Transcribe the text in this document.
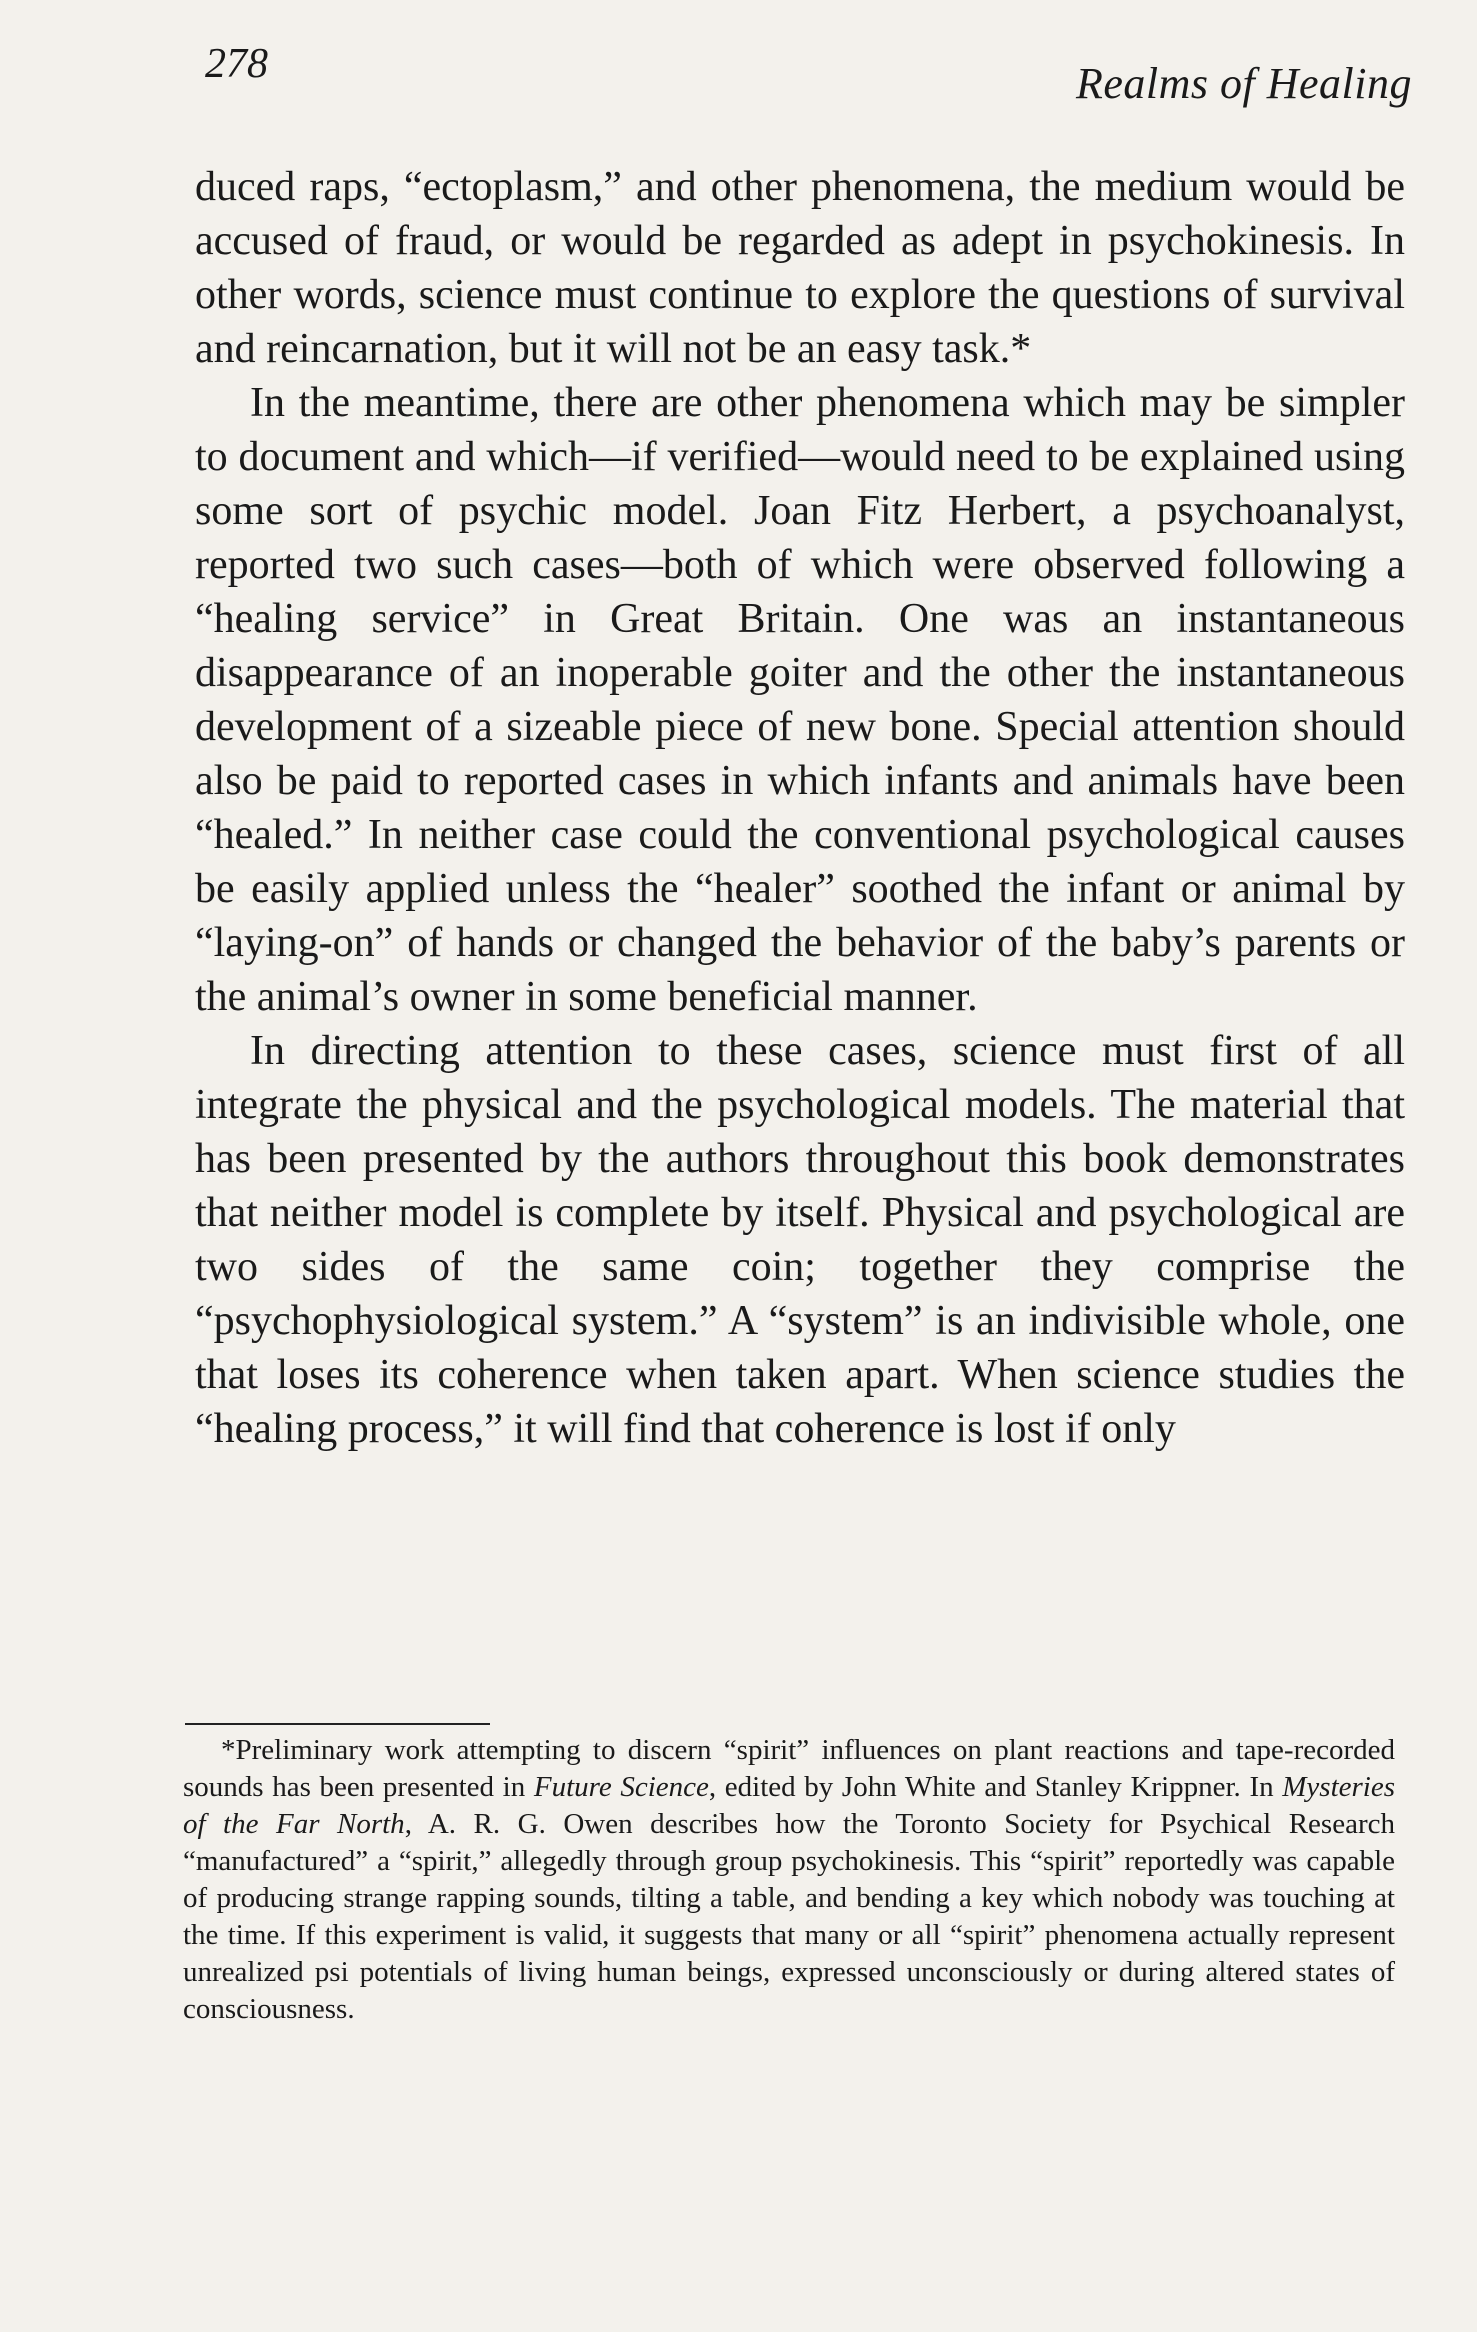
278	Realms of Healing

duced raps, “ectoplasm,” and other phenomena, the medium would be accused of fraud, or would be regarded as adept in psychokinesis. In other words, science must continue to explore the questions of survival and reincarnation, but it will not be an easy task.*

In the meantime, there are other phenomena which may be simpler to document and which—if verified—would need to be explained using some sort of psychic model. Joan Fitz Herbert, a psychoanalyst, reported two such cases—both of which were observed following a “healing service” in Great Britain. One was an instantaneous disappearance of an inoperable goiter and the other the instantaneous development of a sizeable piece of new bone. Special attention should also be paid to reported cases in which infants and animals have been “healed.” In neither case could the conventional psychological causes be easily applied unless the “healer” soothed the infant or animal by “laying-on” of hands or changed the behavior of the baby’s parents or the animal’s owner in some beneficial manner.

In directing attention to these cases, science must first of all integrate the physical and the psychological models. The material that has been presented by the authors throughout this book demonstrates that neither model is complete by itself. Physical and psychological are two sides of the same coin; together they comprise the “psychophysiological system.” A “system” is an indivisible whole, one that loses its coherence when taken apart. When science studies the “healing process,” it will find that coherence is lost if only

*Preliminary work attempting to discern “spirit” influences on plant reactions and tape-recorded sounds has been presented in Future Science, edited by John White and Stanley Krippner. In Mysteries of the Far North, A. R. G. Owen describes how the Toronto Society for Psychical Research “manufactured” a “spirit,” allegedly through group psychokinesis. This “spirit” reportedly was capable of producing strange rapping sounds, tilting a table, and bending a key which nobody was touching at the time. If this experiment is valid, it suggests that many or all “spirit” phenomena actually represent unrealized psi potentials of living human beings, expressed unconsciously or during altered states of consciousness.
